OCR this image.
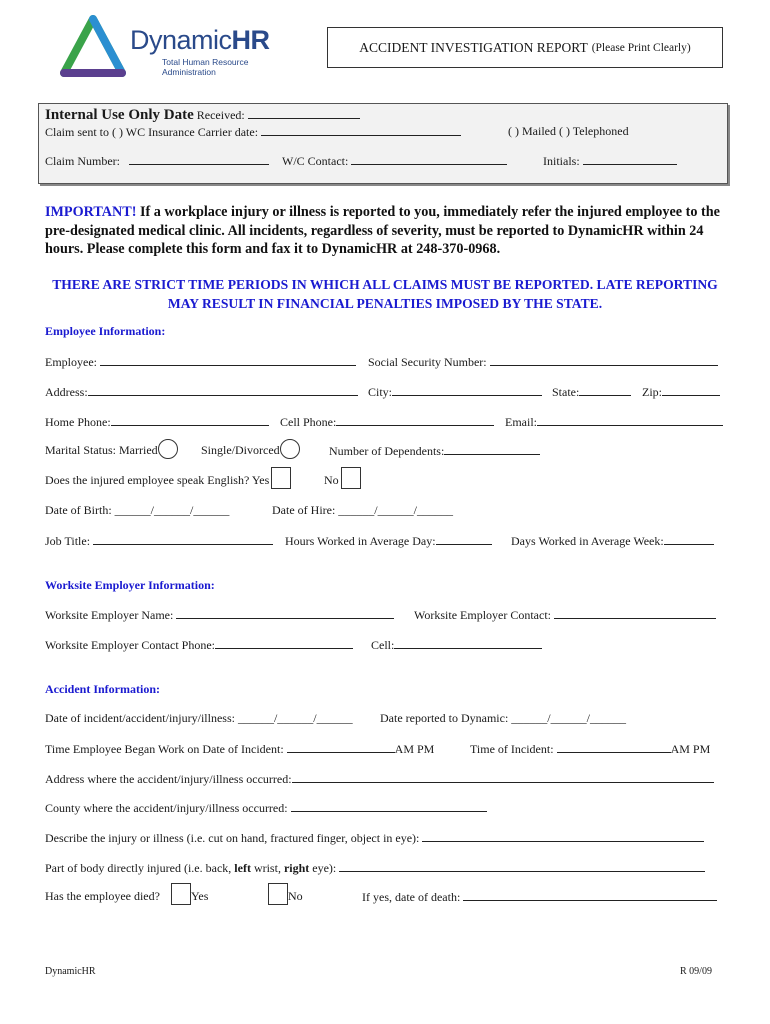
DynamicHR
Total Human Resource Administration
ACCIDENT INVESTIGATION REPORT (Please Print Clearly)
Internal Use Only Date Received:
Claim sent to ( ) WC Insurance Carrier date:	( ) Mailed ( ) Telephoned
Claim Number:	W/C Contact:	Initials:
IMPORTANT! If a workplace injury or illness is reported to you, immediately refer the injured employee to the pre-designated medical clinic. All incidents, regardless of severity, must be reported to DynamicHR within 24 hours. Please complete this form and fax it to DynamicHR at 248-370-0968.
THERE ARE STRICT TIME PERIODS IN WHICH ALL CLAIMS MUST BE REPORTED. LATE REPORTING MAY RESULT IN FINANCIAL PENALTIES IMPOSED BY THE STATE.
Employee Information:
Employee:	Social Security Number:
Address:	City:	State:	Zip:
Home Phone:	Cell Phone:	Email:
Marital Status: Married	Single/Divorced	Number of Dependents:
Does the injured employee speak English? Yes	No
Date of Birth: ______/______/______	Date of Hire: ______/______/______
Job Title:	Hours Worked in Average Day:	Days Worked in Average Week:
Worksite Employer Information:
Worksite Employer Name:	Worksite Employer Contact:
Worksite Employer Contact Phone:	Cell:
Accident Information:
Date of incident/accident/injury/illness: ______/______/______ Date reported to Dynamic: ______/______/______
Time Employee Began Work on Date of Incident:	AM PM	Time of Incident:	AM PM
Address where the accident/injury/illness occurred:
County where the accident/injury/illness occurred:
Describe the injury or illness (i.e. cut on hand, fractured finger, object in eye):
Part of body directly injured (i.e. back, left wrist, right eye):
Has the employee died?	Yes	No	If yes, date of death:
DynamicHR	R 09/09
